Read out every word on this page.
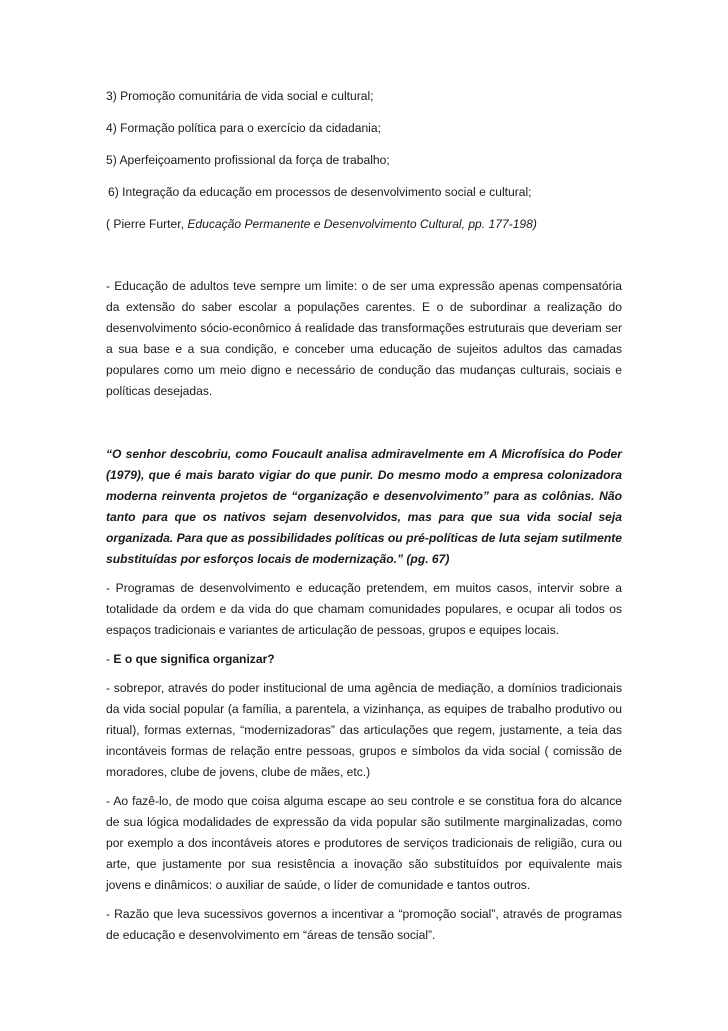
3) Promoção comunitária de vida social e cultural;

4) Formação política para o exercício da cidadania;

5) Aperfeiçoamento profissional da força de trabalho;

6) Integração da educação em processos de desenvolvimento social e cultural;

( Pierre Furter, Educação Permanente e Desenvolvimento Cultural, pp. 177-198)

- Educação de adultos teve sempre um limite: o de ser uma expressão apenas compensatória da extensão do saber escolar a populações carentes. E o de subordinar a realização do desenvolvimento sócio-econômico á realidade das transformações estruturais que deveriam ser a sua base e a sua condição, e conceber uma educação de sujeitos adultos das camadas populares como um meio digno e necessário de condução das mudanças culturais, sociais e políticas desejadas.

“O senhor descobriu, como Foucault analisa admiravelmente em A Microfísica do Poder (1979), que é mais barato vigiar do que punir. Do mesmo modo a empresa colonizadora moderna reinventa projetos de “organização e desenvolvimento” para as colônias. Não tanto para que os nativos sejam desenvolvidos, mas para que sua vida social seja organizada. Para que as possibilidades políticas ou pré-políticas de luta sejam sutilmente substituídas por esforços locais de modernização.” (pg. 67)

- Programas de desenvolvimento e educação pretendem, em muitos casos, intervir sobre a totalidade da ordem e da vida do que chamam comunidades populares, e ocupar ali todos os espaços tradicionais e variantes de articulação de pessoas, grupos e equipes locais.

- E o que significa organizar?

- sobrepor, através do poder institucional de uma agência de mediação, a domínios tradicionais da vida social popular (a família, a parentela, a vizinhança, as equipes de trabalho produtivo ou ritual), formas externas, “modernizadoras” das articulações que regem, justamente, a teia das incontáveis formas de relação entre pessoas, grupos e símbolos da vida social ( comissão de moradores, clube de jovens, clube de mães, etc.)

- Ao fazê-lo, de modo que coisa alguma escape ao seu controle e se constitua fora do alcance de sua lógica modalidades de expressão da vida popular são sutilmente marginalizadas, como por exemplo a dos incontáveis atores e produtores de serviços tradicionais de religião, cura ou arte, que justamente por sua resistência a inovação são substituídos por equivalente mais jovens e dinâmicos: o auxiliar de saúde, o líder de comunidade e tantos outros.

- Razão que leva sucessivos governos a incentivar a “promoção social”, através de programas de educação e desenvolvimento em “áreas de tensão social”.
